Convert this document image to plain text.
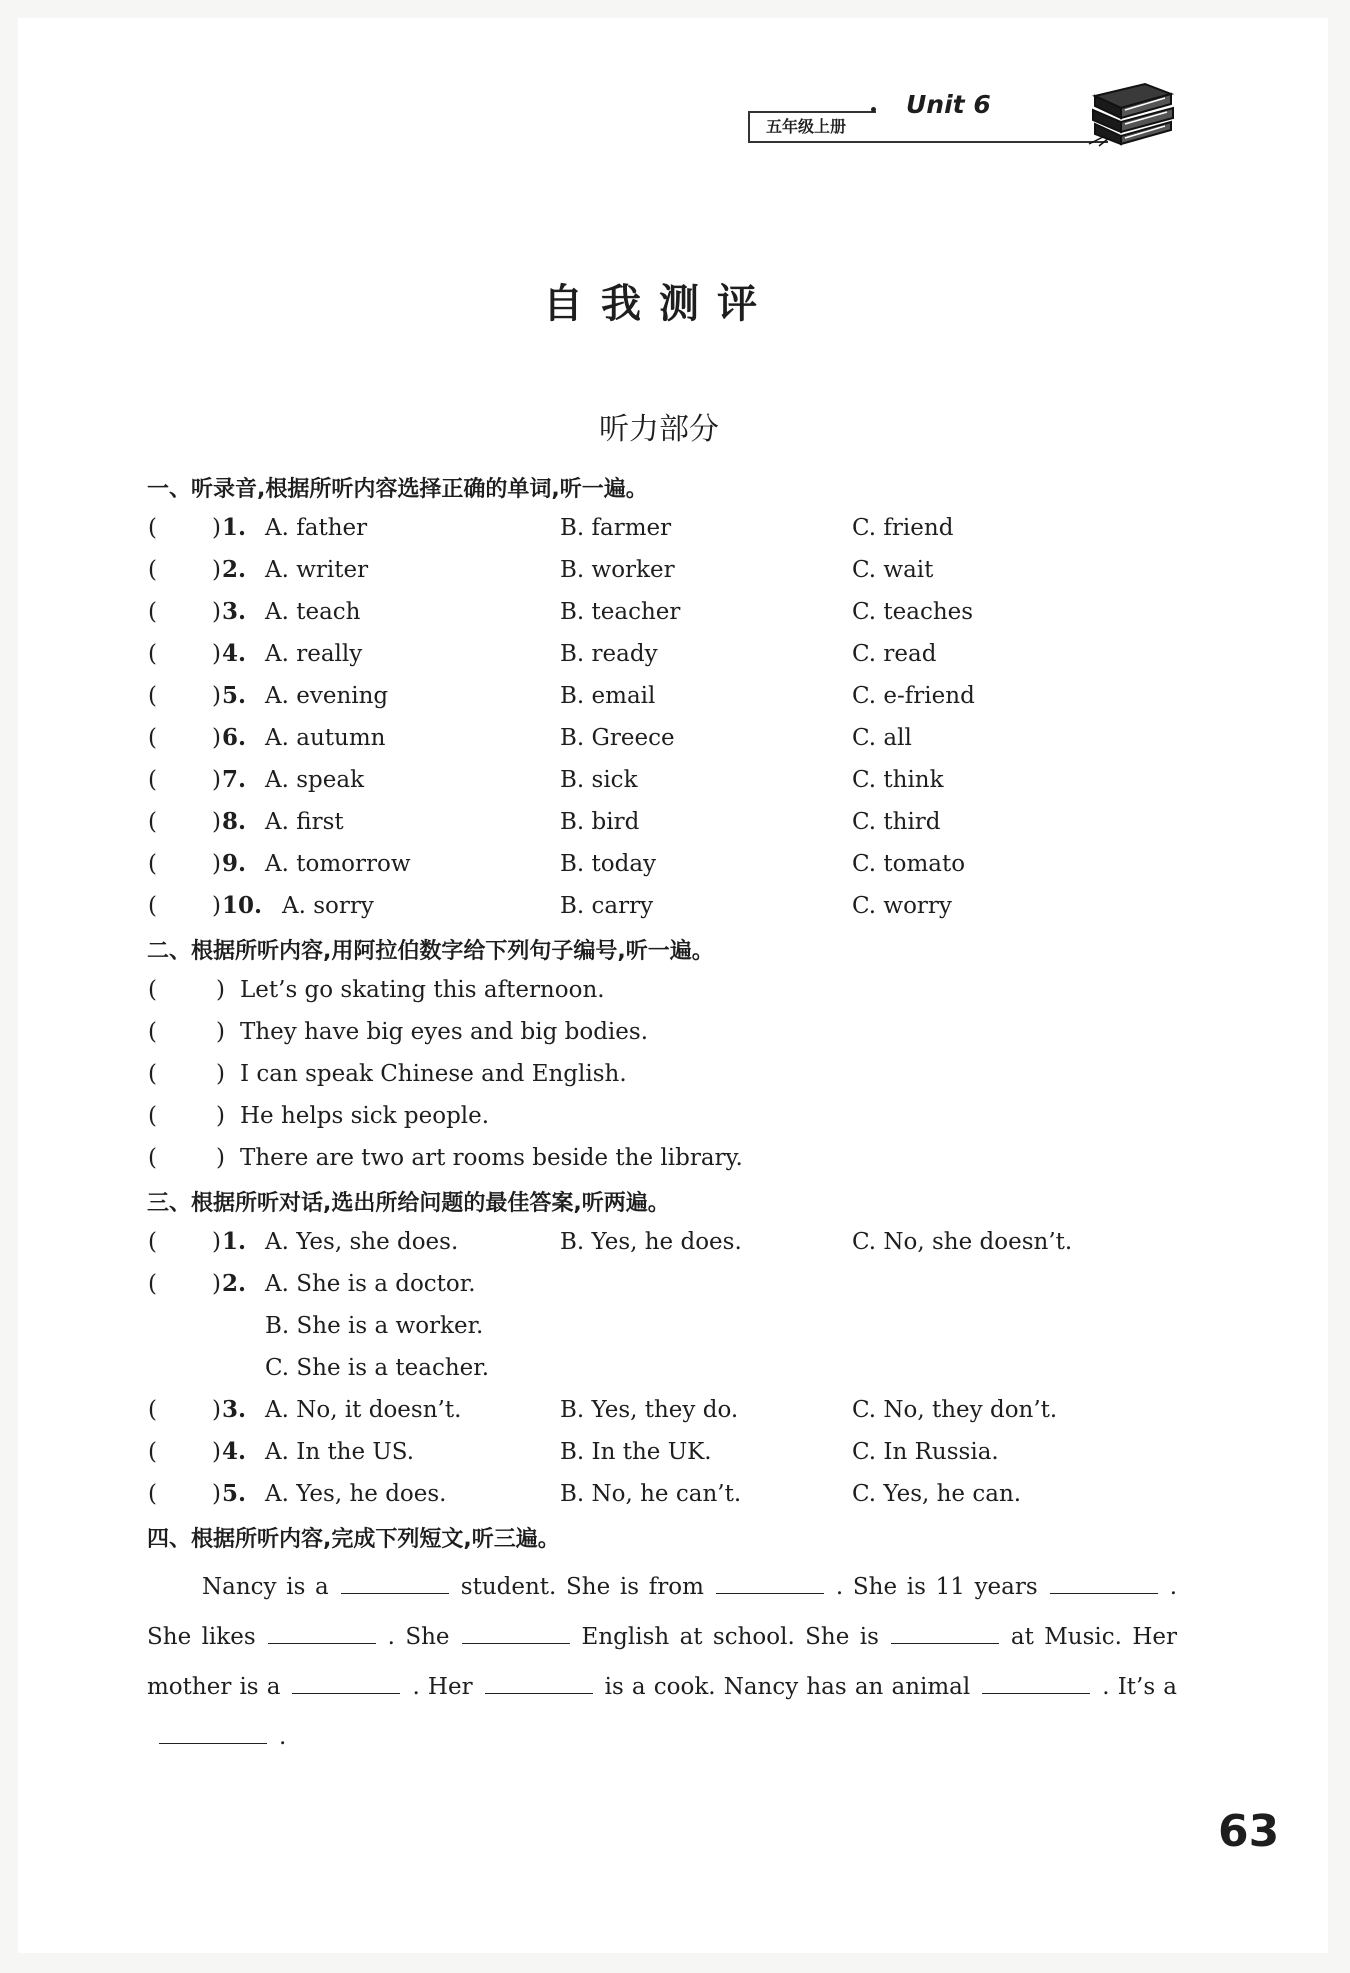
五年级上册
Unit 6
自我测评
听力部分
一、听录音,根据所听内容选择正确的单词,听一遍。
( ) 1. A. father	B. farmer	C. friend
( ) 2. A. writer	B. worker	C. wait
( ) 3. A. teach	B. teacher	C. teaches
( ) 4. A. really	B. ready	C. read
( ) 5. A. evening	B. email	C. e-friend
( ) 6. A. autumn	B. Greece	C. all
( ) 7. A. speak	B. sick	C. think
( ) 8. A. first	B. bird	C. third
( ) 9. A. tomorrow	B. today	C. tomato
( ) 10. A. sorry	B. carry	C. worry
二、根据所听内容,用阿拉伯数字给下列句子编号,听一遍。
(	) Let’s go skating this afternoon.
(	) They have big eyes and big bodies.
(	) I can speak Chinese and English.
(	) He helps sick people.
(	) There are two art rooms beside the library.
三、根据所听对话,选出所给问题的最佳答案,听两遍。
( ) 1. A. Yes, she does.	B. Yes, he does.	C. No, she doesn’t.
( ) 2. A. She is a doctor.
B. She is a worker.
C. She is a teacher.
( ) 3. A. No, it doesn’t.	B. Yes, they do.	C. No, they don’t.
( ) 4. A. In the US.	B. In the UK.	C. In Russia.
( ) 5. A. Yes, he does.	B. No, he can’t.	C. Yes, he can.
四、根据所听内容,完成下列短文,听三遍。
Nancy is a	student. She is from	. She is 11 years	. She likes	. She	English at school. She is	at Music. Her mother is a	. Her	is a cook. Nancy has an animal	. It’s a.
63
